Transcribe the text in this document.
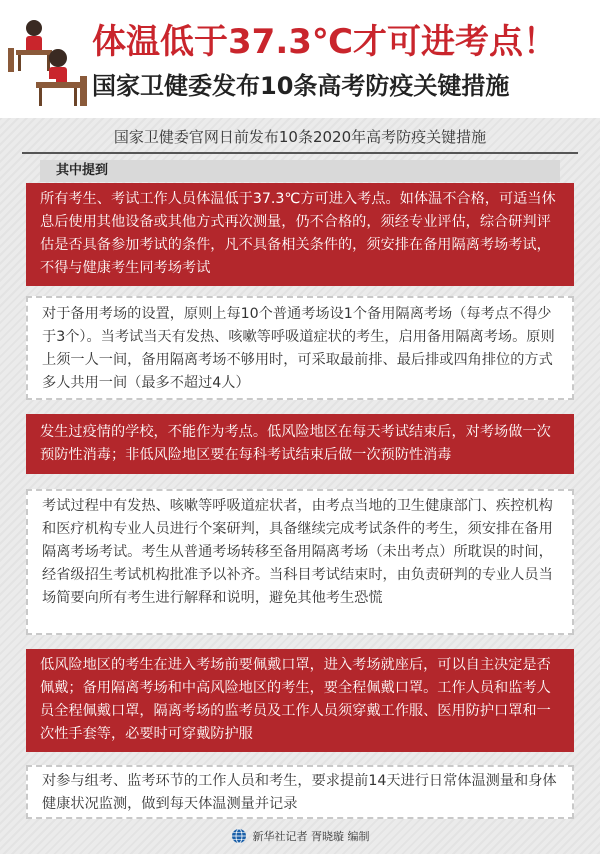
体温低于37.3℃才可进考点！
国家卫健委发布10条高考防疫关键措施
国家卫健委官网日前发布10条2020年高考防疫关键措施
其中提到

所有考生、考试工作人员体温低于37.3℃方可进入考点。如体温不合格，可适当休息后使用其他设备或其他方式再次测量，仍不合格的，须经专业评估，综合研判评估是否具备参加考试的条件，凡不具备相关条件的，须安排在备用隔离考场考试，不得与健康考生同考场考试

对于备用考场的设置，原则上每10个普通考场设1个备用隔离考场（每考点不得少于3个）。当考试当天有发热、咳嗽等呼吸道症状的考生，启用备用隔离考场。原则上须一人一间，备用隔离考场不够用时，可采取最前排、最后排或四角排位的方式多人共用一间（最多不超过4人）

发生过疫情的学校，不能作为考点。低风险地区在每天考试结束后，对考场做一次预防性消毒；非低风险地区要在每科考试结束后做一次预防性消毒

考试过程中有发热、咳嗽等呼吸道症状者，由考点当地的卫生健康部门、疾控机构和医疗机构专业人员进行个案研判，具备继续完成考试条件的考生，须安排在备用隔离考场考试。考生从普通考场转移至备用隔离考场（未出考点）所耽误的时间，经省级招生考试机构批准予以补齐。当科目考试结束时，由负责研判的专业人员当场简要向所有考生进行解释和说明，避免其他考生恐慌

低风险地区的考生在进入考场前要佩戴口罩，进入考场就座后，可以自主决定是否佩戴；备用隔离考场和中高风险地区的考生，要全程佩戴口罩。工作人员和监考人员全程佩戴口罩，隔离考场的监考员及工作人员须穿戴工作服、医用防护口罩和一次性手套等，必要时可穿戴防护服

对参与组考、监考环节的工作人员和考生，要求提前14天进行日常体温测量和身体健康状况监测，做到每天体温测量并记录

新华社记者 胥晓璇 编制
